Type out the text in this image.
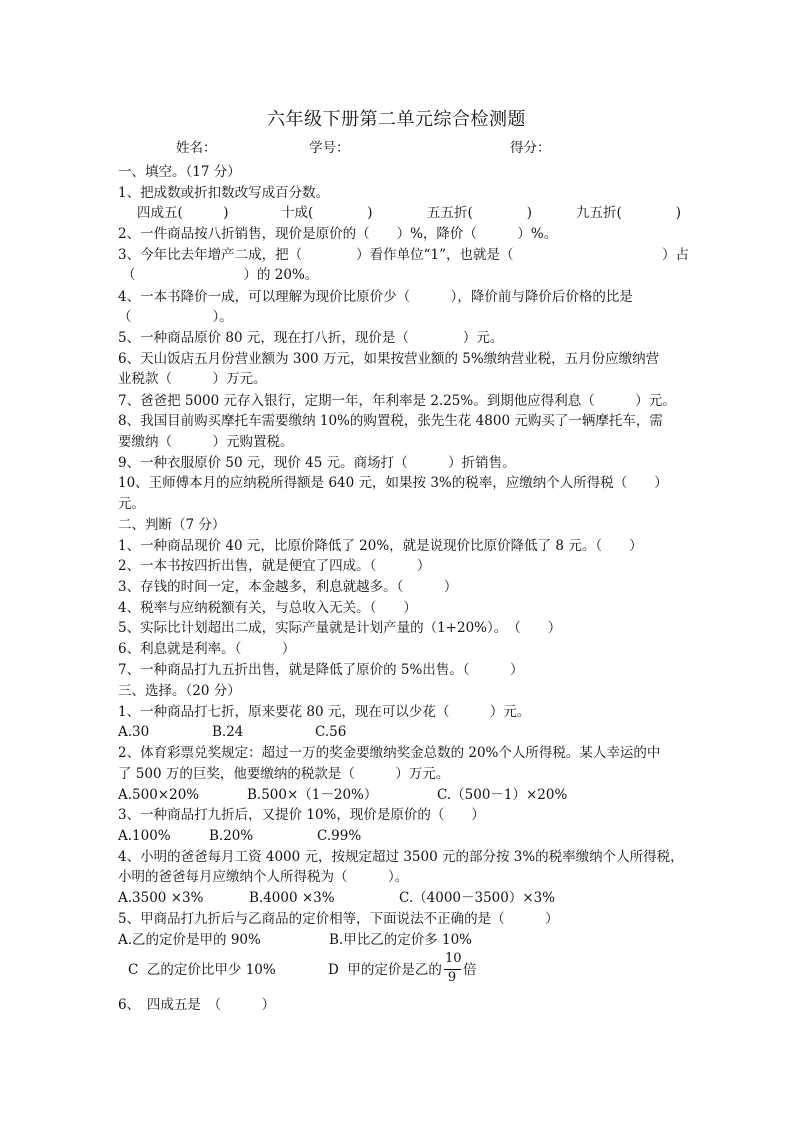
六年级下册第二单元综合检测题
姓名：	学号：	得分：
一、填空。（17 分）
1、把成数或折扣数改写成百分数。
四成五(　　　)	十成(　　　　)	五五折(　　　　)	九五折(　　　　)
2、一件商品按八折销售，现价是原价的（　　）%，降价（　　　）%。
3、今年比去年增产二成，把（　　　　）看作单位“1”，也就是（　　　　　　　　　　　）占
（　　　　　　　　）的 20%。
4、一本书降价一成，可以理解为现价比原价少（　　　），降价前与降价后价格的比是
（　　　　　　）。
5、一种商品原价 80 元，现在打八折，现价是（　　　　）元。
6、天山饭店五月份营业额为 300 万元，如果按营业额的 5%缴纳营业税，五月份应缴纳营
业税款（　　　）万元。
7、爸爸把 5000 元存入银行，定期一年，年利率是 2.25%。到期他应得利息（　　　）元。
8、我国目前购买摩托车需要缴纳 10%的购置税，张先生花 4800 元购买了一辆摩托车，需
要缴纳（　　　）元购置税。
9、一种衣服原价 50 元，现价 45 元。商场打（　　　）折销售。
10、王师傅本月的应纳税所得额是 640 元，如果按 3%的税率，应缴纳个人所得税（　　）
元。
二、判断（7 分）
1、一种商品现价 40 元，比原价降低了 20%，就是说现价比原价降低了 8 元。（　　）
2、一本书按四折出售，就是便宜了四成。（　　　）
3、存钱的时间一定，本金越多，利息就越多。（　　　）
4、税率与应纳税额有关，与总收入无关。（　　）
5、实际比计划超出二成，实际产量就是计划产量的（1+20%）。　（　　）
6、利息就是利率。（　　　）
7、一种商品打九五折出售，就是降低了原价的 5%出售。（　　　）
三、选择。（20 分）
1、一种商品打七折，原来要花 80 元，现在可以少花（　　　）元。
A.30	B.24	C.56
2、体育彩票兑奖规定：超过一万的奖金要缴纳奖金总数的 20%个人所得税。某人幸运的中
了 500 万的巨奖，他要缴纳的税款是（　　　）万元。
A.500×20%	B.500×（1－20%）	C.（500－1）×20%
3、一种商品打九折后，又提价 10%，现价是原价的（　　）
A.100%	B.20%	C.99%
4、小明的爸爸每月工资 4000 元，按规定超过 3500 元的部分按 3%的税率缴纳个人所得税，
小明的爸爸每月应缴纳个人所得税为（　　　）。
A.3500 ×3%	B.4000 ×3%	C.（4000－3500）×3%
5、甲商品打九折后与乙商品的定价相等，下面说法不正确的是（　　　）
A.乙的定价是甲的 90%	B.甲比乙的定价多 10%
C  乙的定价比甲少 10%	D  甲的定价是乙的
10
9 倍
6、　四成五是　（　　　）
